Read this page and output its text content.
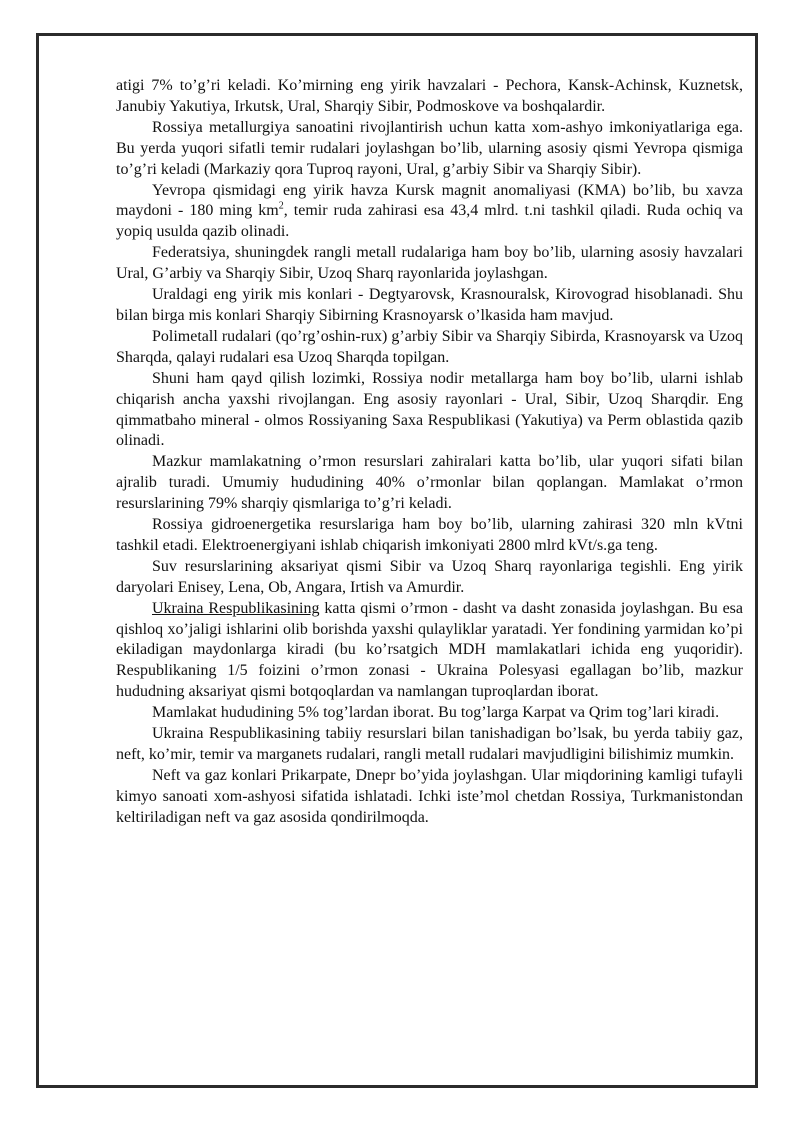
atigi 7% to’g’ri keladi. Ko’mirning eng yirik havzalari - Pechora, Kansk-Achinsk, Kuznetsk, Janubiy Yakutiya, Irkutsk, Ural, Sharqiy Sibir, Podmoskove va boshqalardir.

Rossiya metallurgiya sanoatini rivojlantirish uchun katta xom-ashyo imkoniyatlariga ega. Bu yerda yuqori sifatli temir rudalari joylashgan bo’lib, ularning asosiy qismi Yevropa qismiga to’g’ri keladi (Markaziy qora Tuproq rayoni, Ural, g’arbiy Sibir va Sharqiy Sibir).

Yevropa qismidagi eng yirik havza Kursk magnit anomaliyasi (KMA) bo’lib, bu xavza maydoni - 180 ming $km^2$, temir ruda zahirasi esa 43,4 mlrd. t.ni tashkil qiladi. Ruda ochiq va yopiq usulda qazib olinadi.

Federatsiya, shuningdek rangli metall rudalariga ham boy bo’lib, ularning asosiy havzalari Ural, G’arbiy va Sharqiy Sibir, Uzoq Sharq rayonlarida joylashgan.

Uraldagi eng yirik mis konlari - Degtyarovsk, Krasnouralsk, Kirovograd hisoblanadi. Shu bilan birga mis konlari Sharqiy Sibirning Krasnoyarsk o’lkasida ham mavjud.

Polimetall rudalari (qo’rg’oshin-rux) g’arbiy Sibir va Sharqiy Sibirda, Krasnoyarsk va Uzoq Sharqda, qalayi rudalari esa Uzoq Sharqda topilgan.

Shuni ham qayd qilish lozimki, Rossiya nodir metallarga ham boy bo’lib, ularni ishlab chiqarish ancha yaxshi rivojlangan. Eng asosiy rayonlari - Ural, Sibir, Uzoq Sharqdir. Eng qimmatbaho mineral - olmos Rossiyaning Saxa Respublikasi (Yakutiya) va Perm oblastida qazib olinadi.

Mazkur mamlakatning o’rmon resurslari zahiralari katta bo’lib, ular yuqori sifati bilan ajralib turadi. Umumiy hududining 40% o’rmonlar bilan qoplangan. Mamlakat o’rmon resurslarining 79% sharqiy qismlariga to’g’ri keladi.

Rossiya gidroenergetika resurslariga ham boy bo’lib, ularning zahirasi 320 mln kVtni tashkil etadi. Elektroenergiyani ishlab chiqarish imkoniyati 2800 mlrd kVt/s.ga teng.

Suv resurslarining aksariyat qismi Sibir va Uzoq Sharq rayonlariga tegishli. Eng yirik daryolari Enisey, Lena, Ob, Angara, Irtish va Amurdir.

Ukraina Respublikasining katta qismi o’rmon - dasht va dasht zonasida joylashgan. Bu esa qishloq xo’jaligi ishlarini olib borishda yaxshi qulayliklar yaratadi. Yer fondining yarmidan ko’pi ekiladigan maydonlarga kiradi (bu ko’rsatgich MDH mamlakatlari ichida eng yuqoridir). Respublikaning 1/5 foizini o’rmon zonasi - Ukraina Polesyasi egallagan bo’lib, mazkur hududning aksariyat qismi botqoqlardan va namlangan tuproqlardan iborat.

Mamlakat hududining 5% tog’lardan iborat. Bu tog’larga Karpat va Qrim tog’lari kiradi.

Ukraina Respublikasining tabiiy resurslari bilan tanishadigan bo’lsak, bu yerda tabiiy gaz, neft, ko’mir, temir va marganets rudalari, rangli metall rudalari mavjudligini bilishimiz mumkin.

Neft va gaz konlari Prikarpate, Dnepr bo’yida joylashgan. Ular miqdorining kamligi tufayli kimyo sanoati xom-ashyosi sifatida ishlatadi. Ichki iste’mol chetdan Rossiya, Turkmanistondan keltiriladigan neft va gaz asosida qondirilmoqda.
